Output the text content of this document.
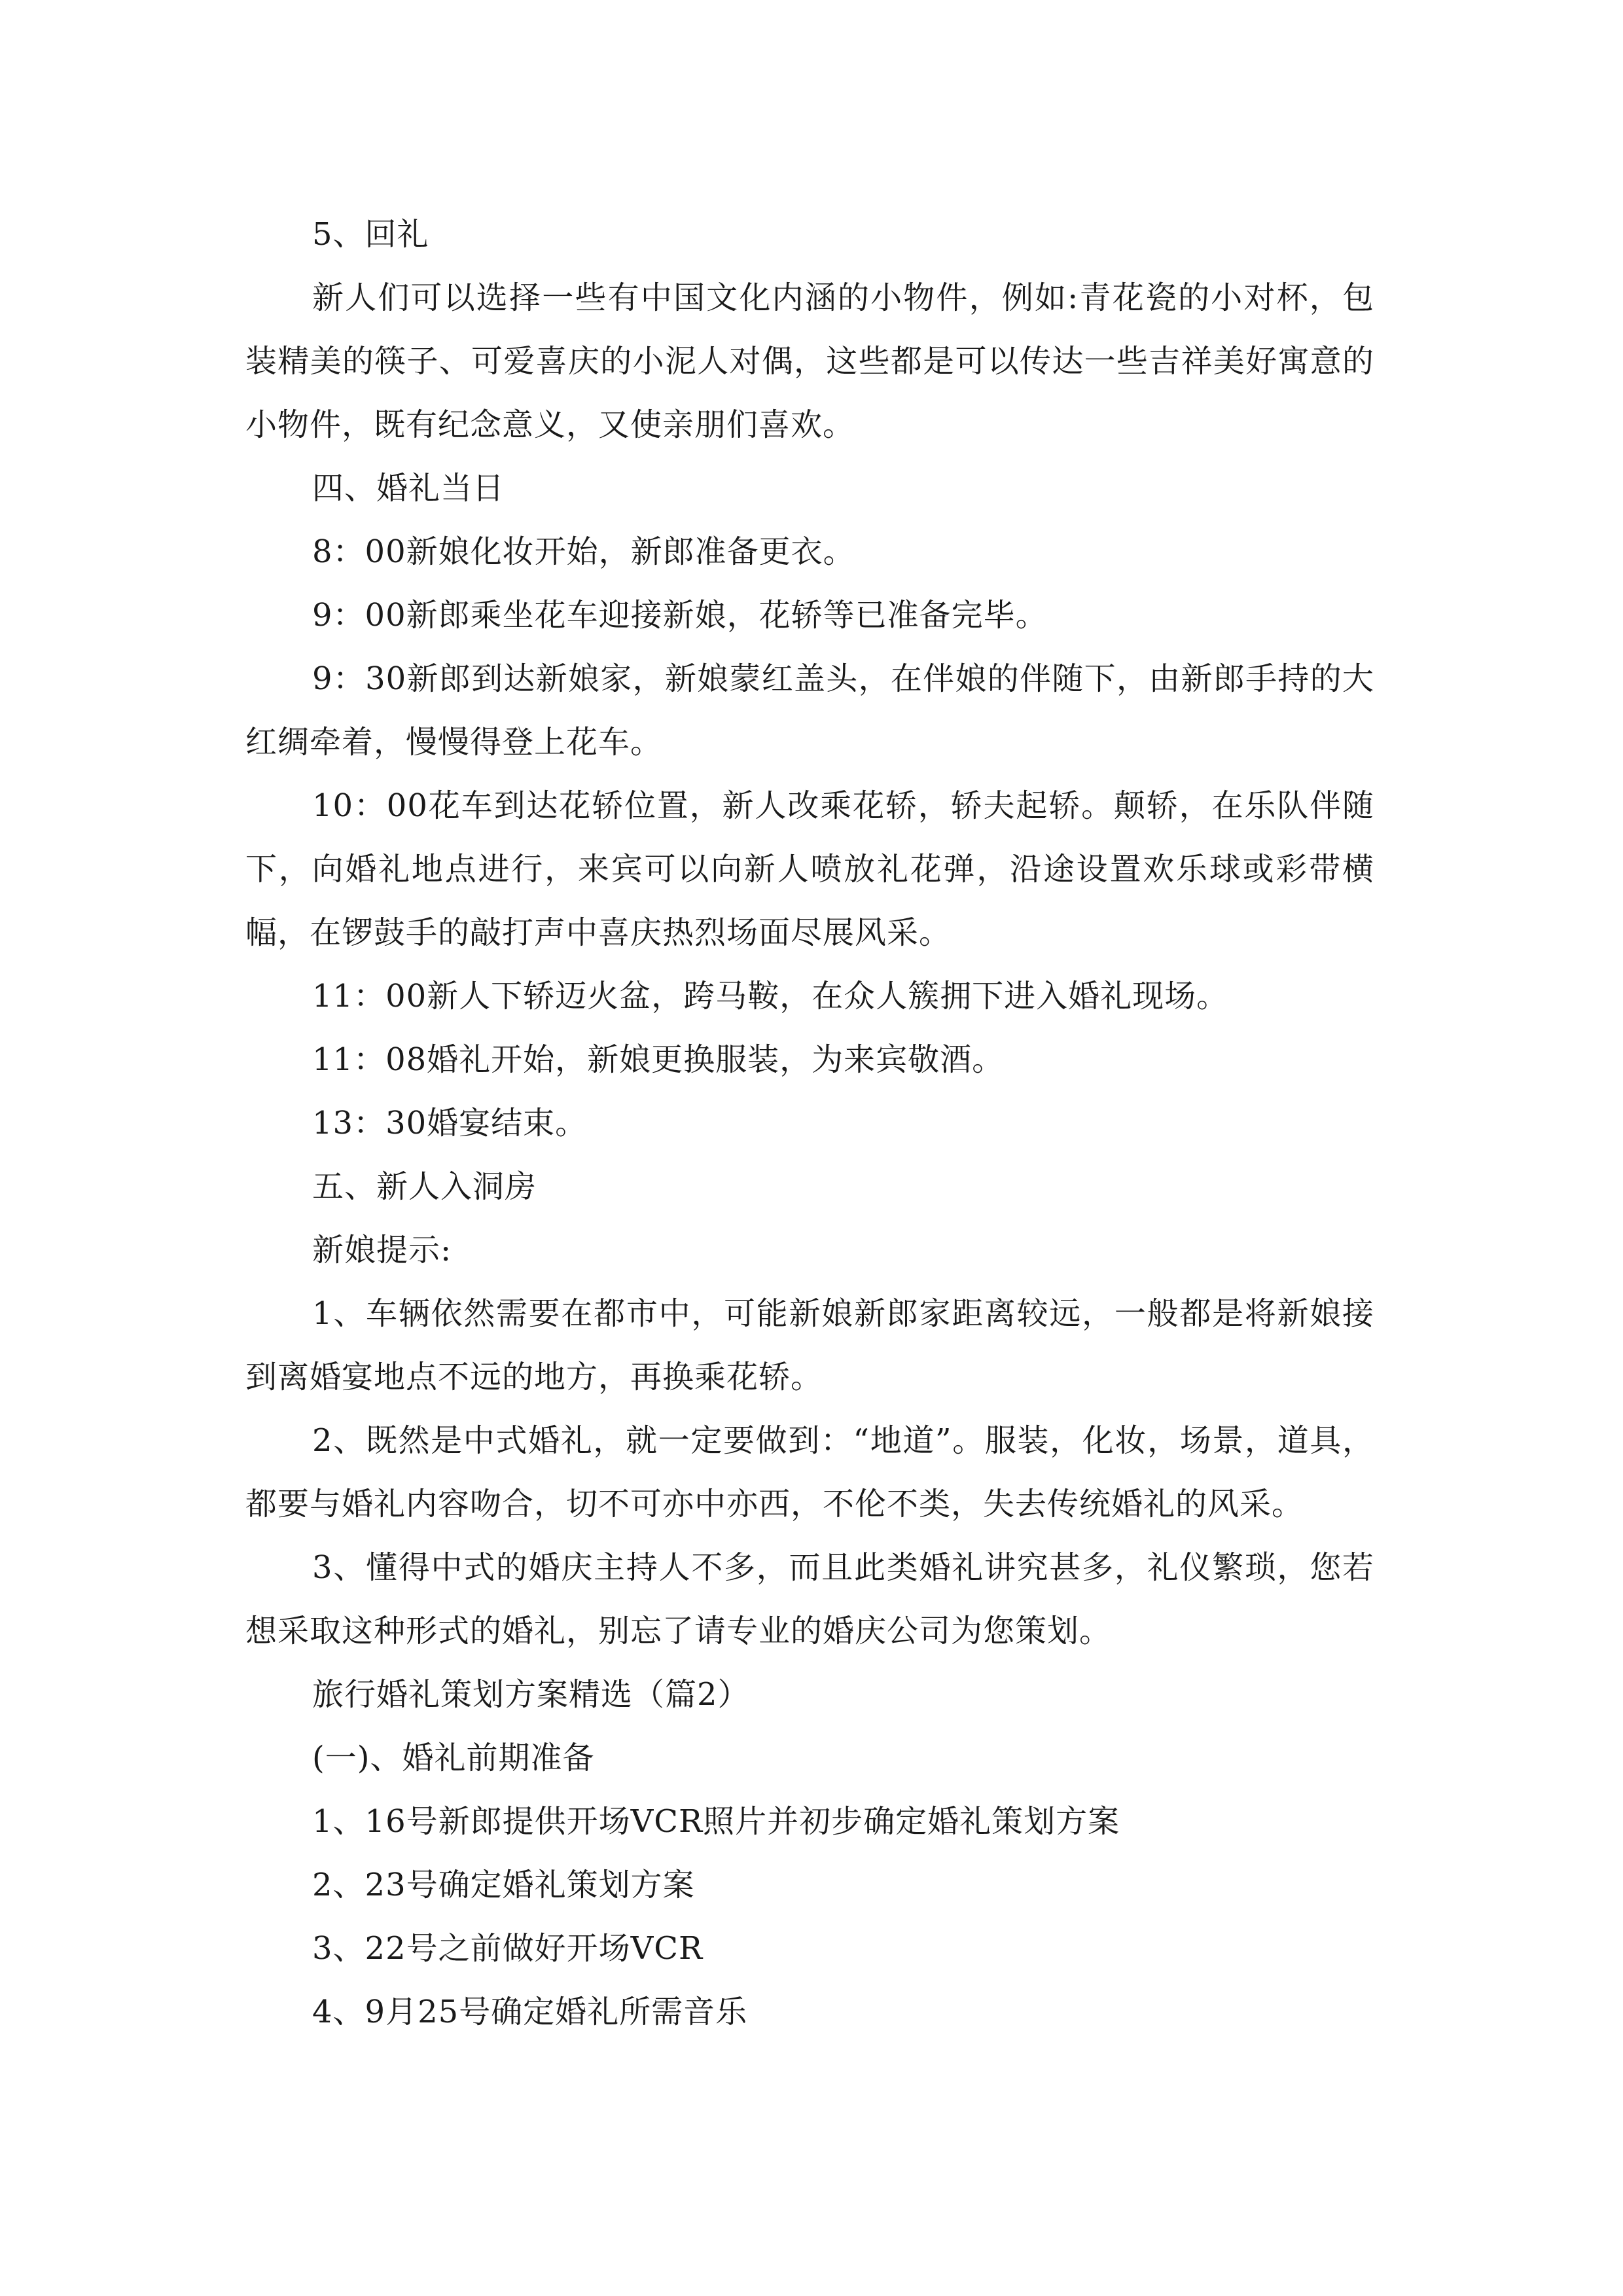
5、回礼

新人们可以选择一些有中国文化内涵的小物件，例如:青花瓷的小对杯，包装精美的筷子、可爱喜庆的小泥人对偶，这些都是可以传达一些吉祥美好寓意的小物件，既有纪念意义，又使亲朋们喜欢。

四、婚礼当日

8：00新娘化妆开始，新郎准备更衣。

9：00新郎乘坐花车迎接新娘，花轿等已准备完毕。

9：30新郎到达新娘家，新娘蒙红盖头，在伴娘的伴随下，由新郎手持的大红绸牵着，慢慢得登上花车。

10：00花车到达花轿位置，新人改乘花轿，轿夫起轿。颠轿，在乐队伴随下，向婚礼地点进行，来宾可以向新人喷放礼花弹，沿途设置欢乐球或彩带横幅，在锣鼓手的敲打声中喜庆热烈场面尽展风采。

11：00新人下轿迈火盆，跨马鞍，在众人簇拥下进入婚礼现场。

11：08婚礼开始，新娘更换服装，为来宾敬酒。

13：30婚宴结束。

五、新人入洞房

新娘提示:

1、车辆依然需要在都市中，可能新娘新郎家距离较远，一般都是将新娘接到离婚宴地点不远的地方，再换乘花轿。

2、既然是中式婚礼，就一定要做到：“地道”。服装，化妆，场景，道具，都要与婚礼内容吻合，切不可亦中亦西，不伦不类，失去传统婚礼的风采。

3、懂得中式的婚庆主持人不多，而且此类婚礼讲究甚多，礼仪繁琐，您若想采取这种形式的婚礼，别忘了请专业的婚庆公司为您策划。

旅行婚礼策划方案精选（篇2）

(一)、婚礼前期准备

1、16号新郎提供开场VCR照片并初步确定婚礼策划方案

2、23号确定婚礼策划方案

3、22号之前做好开场VCR

4、9月25号确定婚礼所需音乐
